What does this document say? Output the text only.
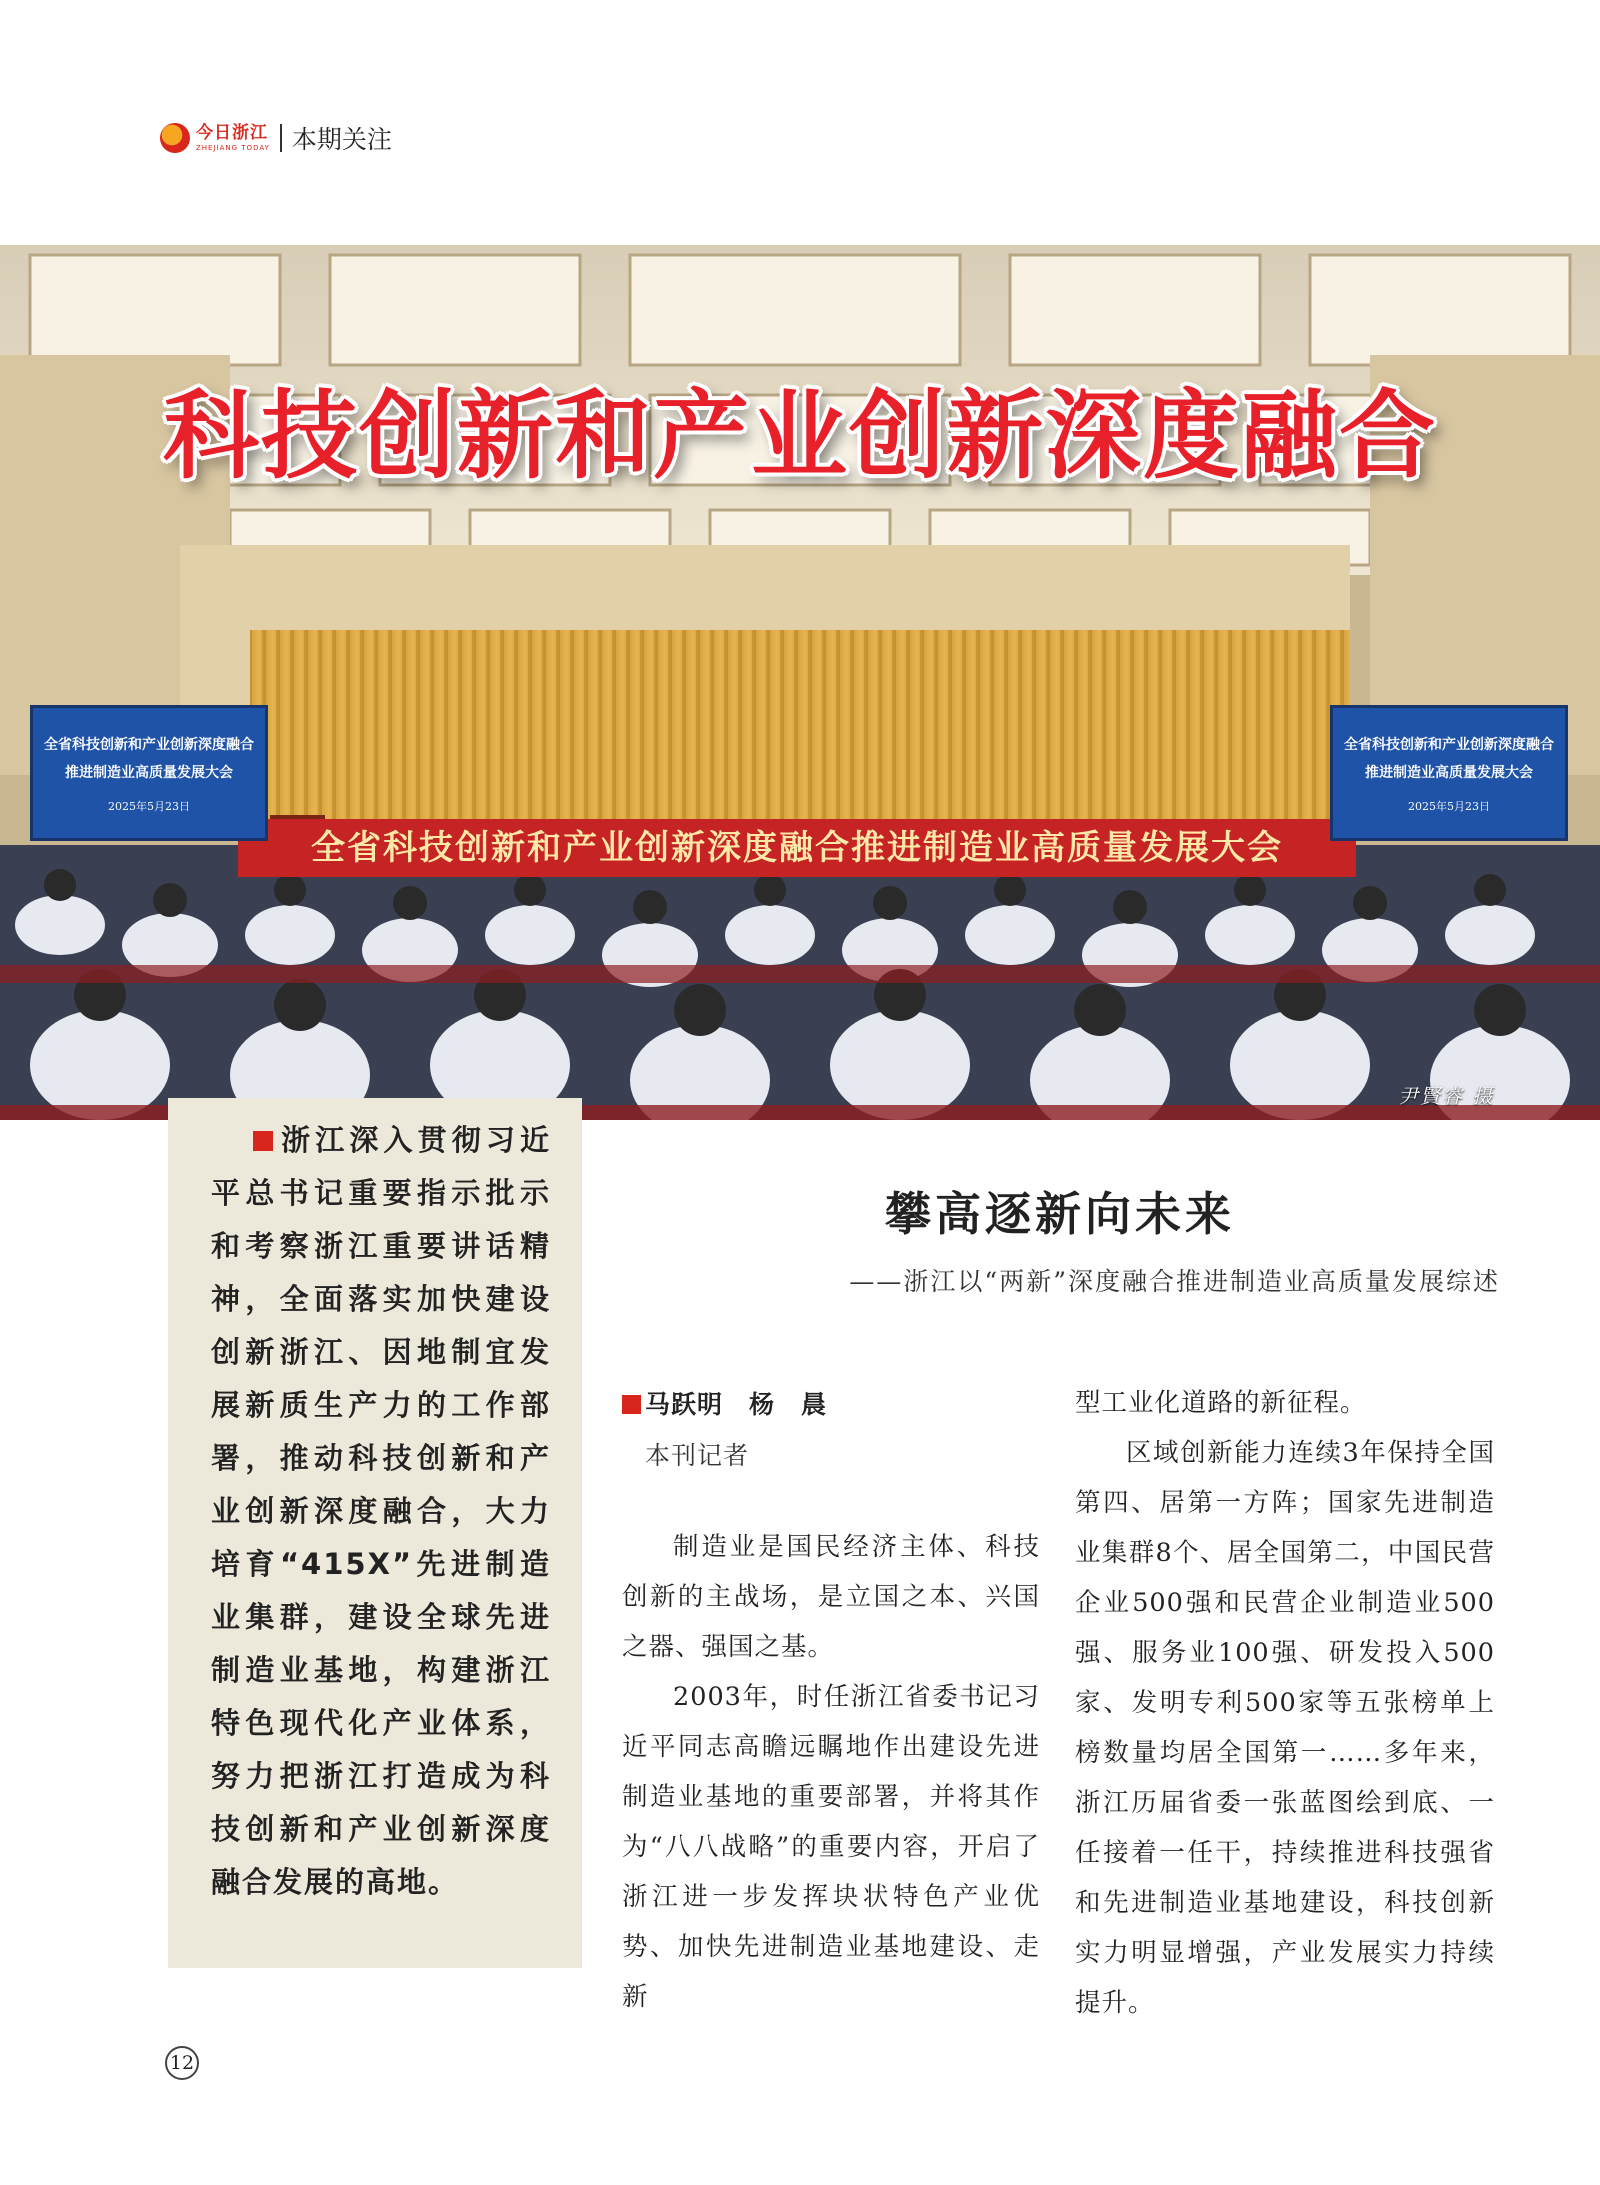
今日浙江
ZHEJIANG TODAY 本期关注
全省科技创新和产业创新深度融合推进制造业高质量发展大会
全省科技创新和产业创新深度融合
推进制造业高质量发展大会
2025年5月23日
全省科技创新和产业创新深度融合
推进制造业高质量发展大会
2025年5月23日
科技创新和产业创新深度融合
尹賢睿 摄
浙江深入贯彻习近平总书记重要指示批示和考察浙江重要讲话精神，全面落实加快建设创新浙江、因地制宜发展新质生产力的工作部署，推动科技创新和产业创新深度融合，大力培育“415X”先进制造业集群，建设全球先进制造业基地，构建浙江特色现代化产业体系，努力把浙江打造成为科技创新和产业创新深度融合发展的高地。
攀高逐新向未来
——浙江以“两新”深度融合推进制造业高质量发展综述
马跃明　杨　晨
本刊记者

制造业是国民经济主体、科技创新的主战场，是立国之本、兴国之器、强国之基。

2003年，时任浙江省委书记习近平同志高瞻远瞩地作出建设先进制造业基地的重要部署，并将其作为“八八战略”的重要内容，开启了浙江进一步发挥块状特色产业优势、加快先进制造业基地建设、走新

型工业化道路的新征程。

区域创新能力连续3年保持全国第四、居第一方阵；国家先进制造业集群8个、居全国第二，中国民营企业500强和民营企业制造业500强、服务业100强、研发投入500家、发明专利500家等五张榜单上榜数量均居全国第一……多年来，浙江历届省委一张蓝图绘到底、一任接着一任干，持续推进科技强省和先进制造业基地建设，科技创新实力明显增强，产业发展实力持续提升。

12
